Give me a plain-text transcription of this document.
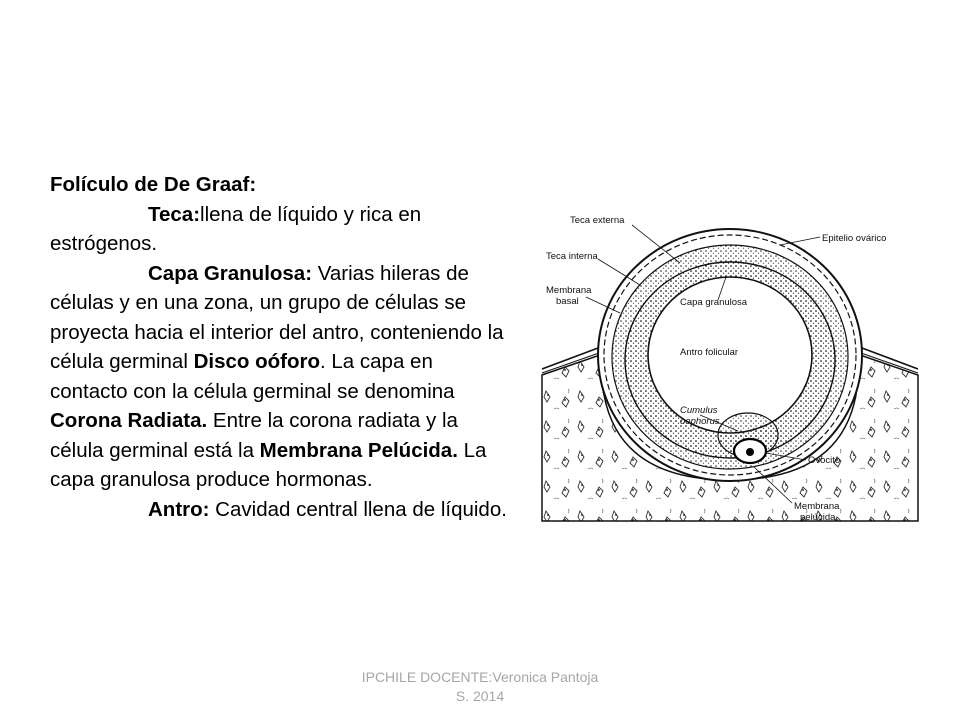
Folículo de De Graaf:

Teca:llena de líquido y rica en estrógenos.

Capa Granulosa: Varias hileras de células y en una zona, un grupo de células se proyecta hacia el interior del antro, conteniendo la célula germinal Disco oóforo. La capa en contacto con la célula germinal se denomina Corona Radiata. Entre la corona radiata y la célula germinal está la Membrana Pelúcida. La capa granulosa produce hormonas.

Antro: Cavidad central llena de líquido.

Teca externa
Epitelio ovárico
Teca interna
Membrana
basal	Capa granulosa
Antro folicular
Cumulus
oophorus
Ovocito
Membrana
pelúcida
IPCHILE DOCENTE:Veronica Pantoja
S. 2014
